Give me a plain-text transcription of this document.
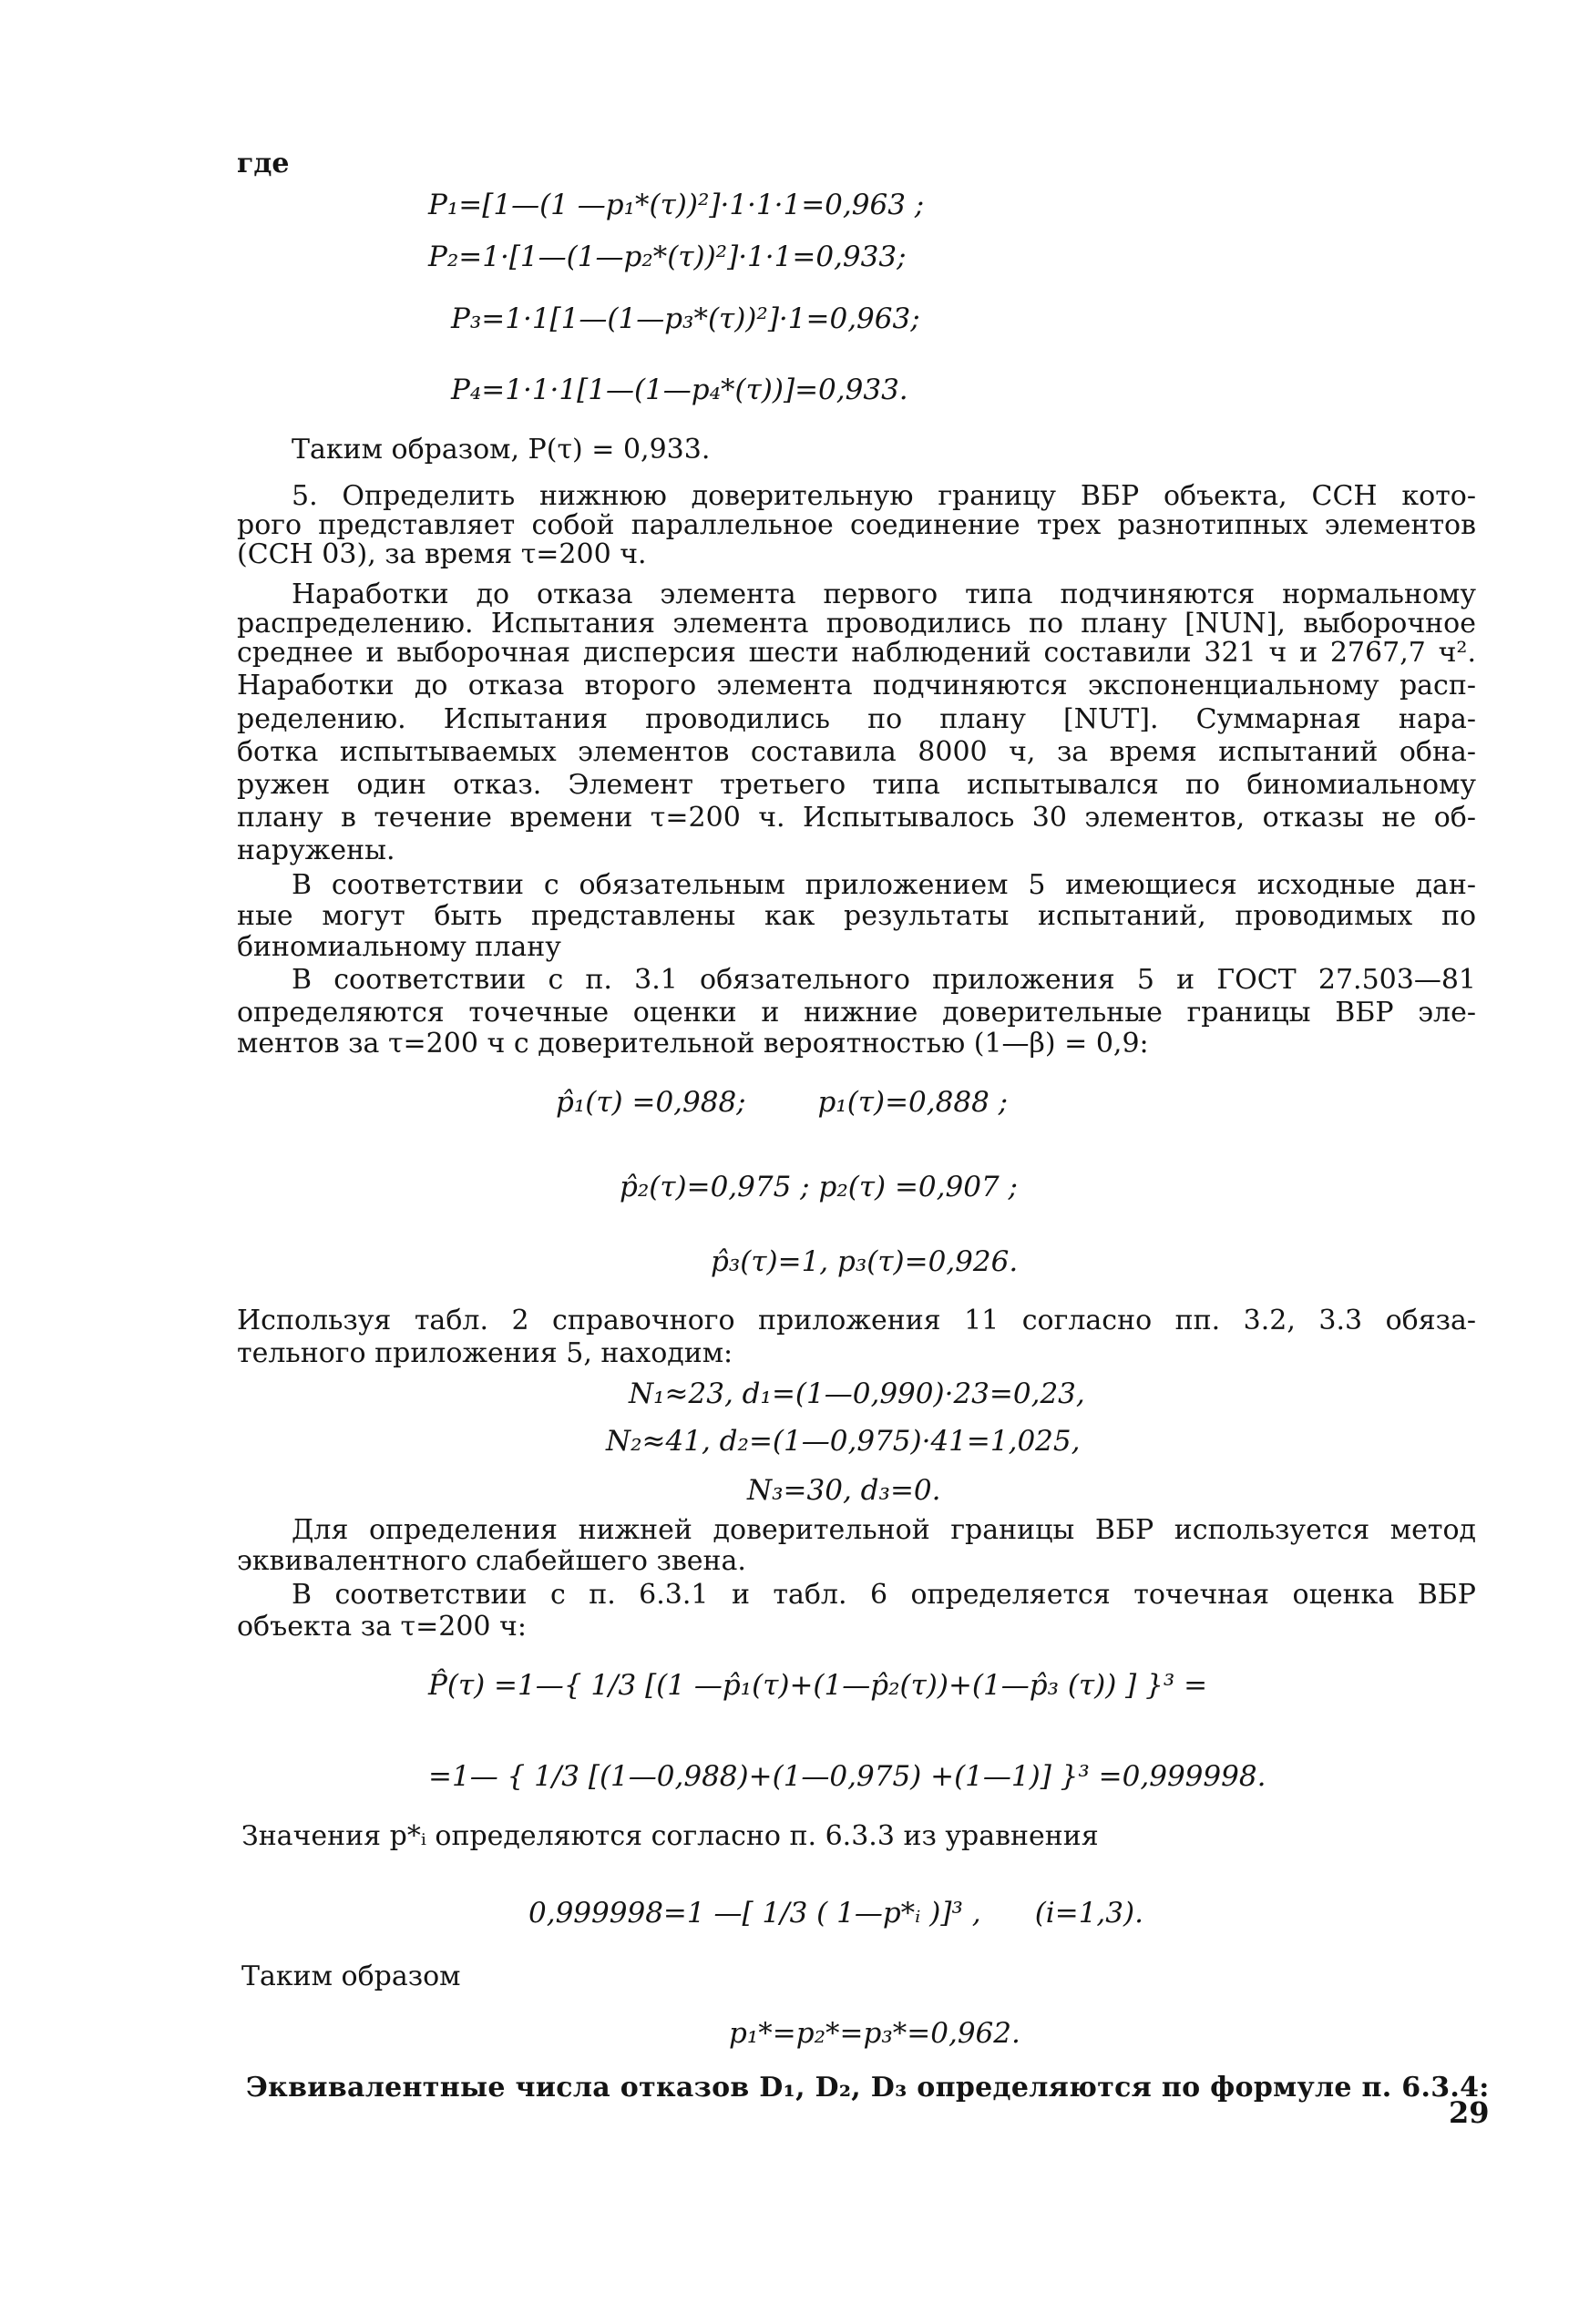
где
P₁=[1—(1 —p₁*(τ))²]·1·1·1=0,963 ;
P₂=1·[1—(1—p₂*(τ))²]·1·1=0,933;
P₃=1·1[1—(1—p₃*(τ))²]·1=0,963;
P₄=1·1·1[1—(1—p₄*(τ))]=0,933.
Таким образом, P(τ) = 0,933.
5. Определить нижнюю доверительную границу ВБР объекта, ССН кото-
рого представляет собой параллельное соединение трех разнотипных элементов
(ССН 03), за время τ=200 ч.
Наработки до отказа элемента первого типа подчиняются нормальному
распределению. Испытания элемента проводились по плану [NUN], выборочное
среднее и выборочная дисперсия шести наблюдений составили 321 ч и 2767,7 ч².
Наработки до отказа второго элемента подчиняются экспоненциальному расп-
ределению. Испытания проводились по плану [NUT]. Суммарная нара-
ботка испытываемых элементов составила 8000 ч, за время испытаний обна-
ружен один отказ. Элемент третьего типа испытывался по биномиальному
плану в течение времени τ=200 ч. Испытывалось 30 элементов, отказы не об-
наружены.
В соответствии с обязательным приложением 5 имеющиеся исходные дан-
ные могут быть представлены как результаты испытаний, проводимых по
биномиальному плану
В соответствии с п. 3.1 обязательного приложения 5 и ГОСТ 27.503—81
определяются точечные оценки и нижние доверительные границы ВБР эле-
ментов за τ=200 ч с доверительной вероятностью (1—β) = 0,9:
p̂₁(τ) =0,988;        p₁(τ)=0,888 ;
p̂₂(τ)=0,975 ; p₂(τ) =0,907 ;
p̂₃(τ)=1, p₃(τ)=0,926.
Используя табл. 2 справочного приложения 11 согласно пп. 3.2, 3.3 обяза-
тельного приложения 5, находим:
N₁≈23, d₁=(1—0,990)·23=0,23,
N₂≈41, d₂=(1—0,975)·41=1,025,
N₃=30, d₃=0.
Для определения нижней доверительной границы ВБР используется метод
эквивалентного слабейшего звена.
В соответствии с п. 6.3.1 и табл. 6 определяется точечная оценка ВБР
объекта за τ=200 ч:
P̂(τ) =1—{ 1/3 [(1 —p̂₁(τ)+(1—p̂₂(τ))+(1—p̂₃ (τ)) ] }³ =
=1— { 1/3 [(1—0,988)+(1—0,975) +(1—1)] }³ =0,999998.
Значения p*ᵢ определяются согласно п. 6.3.3 из уравнения
0,999998=1 —[ 1/3 ( 1—p*ᵢ )]³ ,      (i=1,3).
Таким образом
p₁*=p₂*=p₃*=0,962.
Эквивалентные числа отказов D₁, D₂, D₃ определяются по формуле п. 6.3.4:
29
